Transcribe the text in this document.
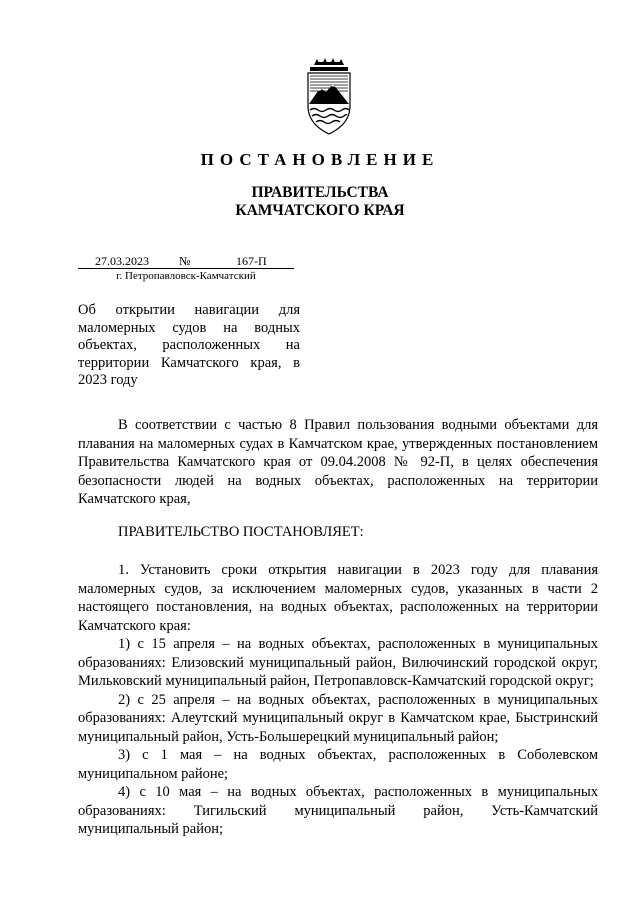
ПОСТАНОВЛЕНИЕ
ПРАВИТЕЛЬСТВА
КАМЧАТСКОГО КРАЯ
27.03.2023	№	167-П
г. Петропавловск-Камчатский
Об открытии навигации для маломерных судов на водных объектах, расположенных на территории Камчатского края, в 2023 году

В соответствии с частью 8 Правил пользования водными объектами для плавания на маломерных судах в Камчатском крае, утвержденных постановлением Правительства Камчатского края от 09.04.2008 № 92-П, в целях обеспечения безопасности людей на водных объектах, расположенных на территории Камчатского края,

ПРАВИТЕЛЬСТВО ПОСТАНОВЛЯЕТ:

1. Установить сроки открытия навигации в 2023 году для плавания маломерных судов, за исключением маломерных судов, указанных в части 2 настоящего постановления, на водных объектах, расположенных на территории Камчатского края:

1) с 15 апреля – на водных объектах, расположенных в муниципальных образованиях: Елизовский муниципальный район, Вилючинский городской округ, Мильковский муниципальный район, Петропавловск-Камчатский городской округ;

2) с 25 апреля – на водных объектах, расположенных в муниципальных образованиях: Алеутский муниципальный округ в Камчатском крае, Быстринский муниципальный район, Усть-Большерецкий муниципальный район;

3) с 1 мая – на водных объектах, расположенных в Соболевском муниципальном районе;

4) с 10 мая – на водных объектах, расположенных в муниципальных образованиях: Тигильский муниципальный район, Усть-Камчатский муниципальный район;
